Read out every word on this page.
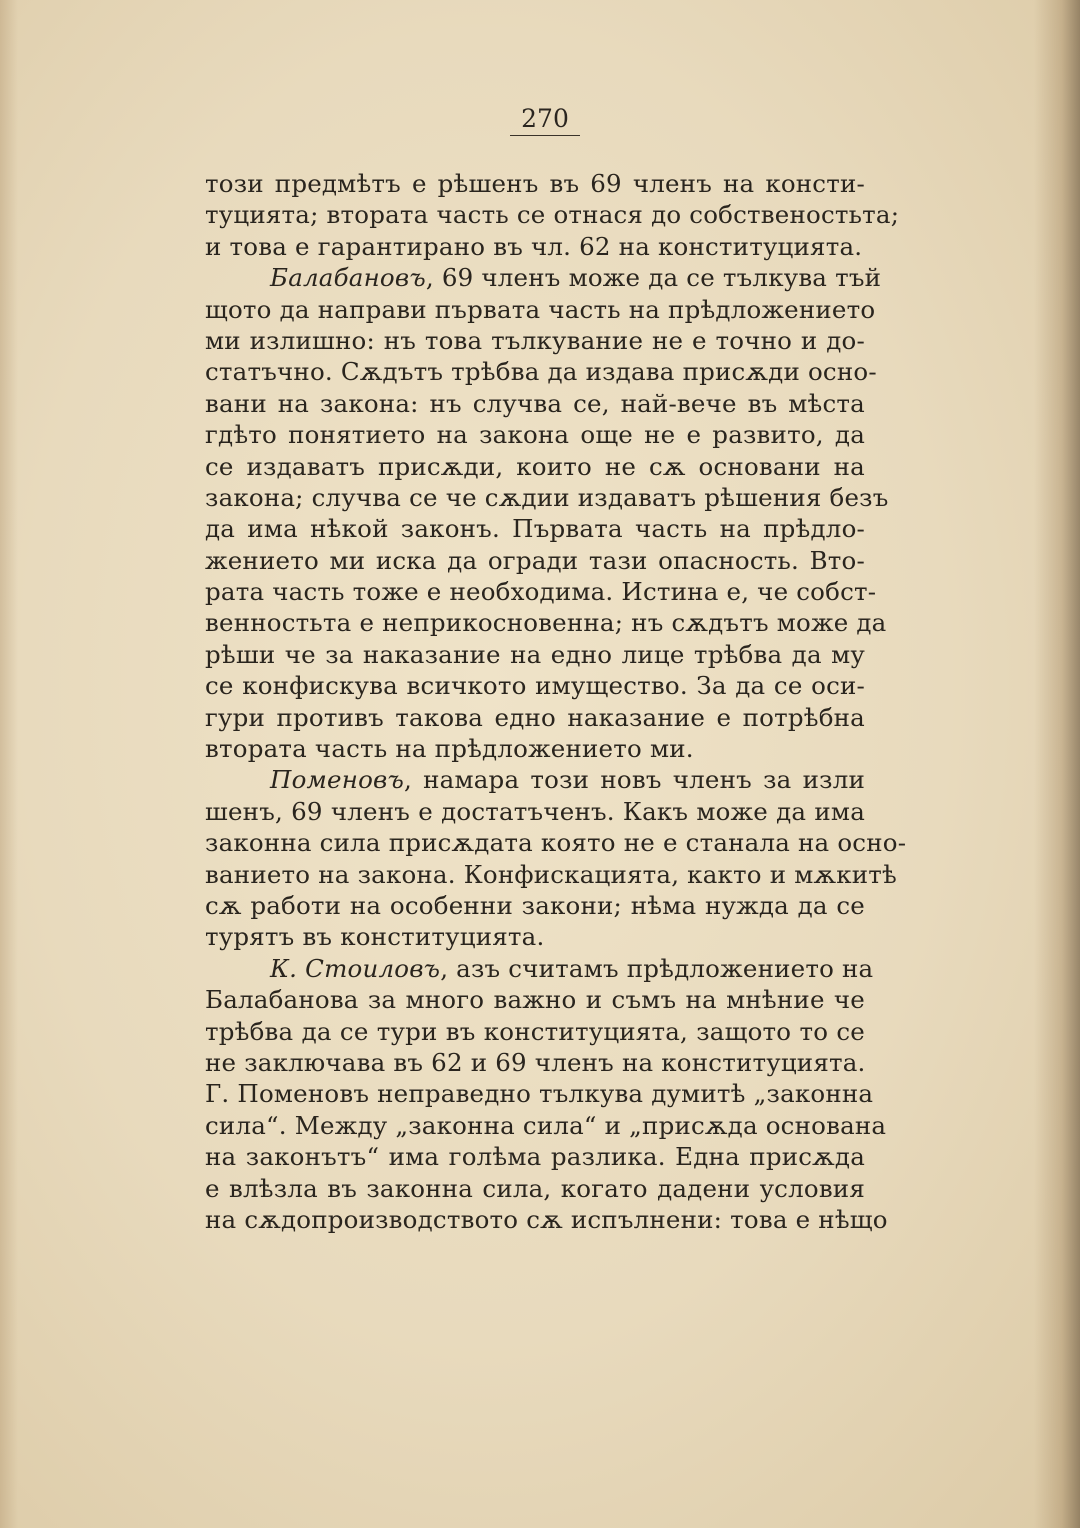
270
този предмѣтъ е рѣшенъ въ 69 членъ на консти-
туцията; втората часть се отнася до собственостьта;
и това е гарантирано въ чл. 62 на конституцията.
Балабановъ, 69 членъ може да се тълкува тъй
щото да направи първата часть на прѣдложението
ми излишно: нъ това тълкувание не е точно и до-
статъчно. Сѫдътъ трѣбва да издава присѫди осно-
вани на закона: нъ случва се, най-вече въ мѣста
гдѣто понятието на закона още не е развито, да
се издаватъ присѫди, които не сѫ основани на
закона; случва се че сѫдии издаватъ рѣшения безъ
да има нѣкой законъ. Първата часть на прѣдло-
жението ми иска да огради тази опасность. Вто-
рата часть тоже е необходима. Истина е, че собст-
венностьта е неприкосновенна; нъ сѫдътъ може да
рѣши че за наказание на едно лице трѣбва да му
се конфискува всичкото имущество. За да се оси-
гури противъ такова едно наказание е потрѣбна
втората часть на прѣдложението ми.
Поменовъ, намара този новъ членъ за изли
шенъ, 69 членъ е достатъченъ. Какъ може да има
законна сила присѫдата която не е станала на осно-
ванието на закона. Конфискацията, както и мѫкитѣ
сѫ работи на особенни закони; нѣма нужда да се
турятъ въ конституцията.
К. Стоиловъ, азъ считамъ прѣдложението на
Балабанова за много важно и съмъ на мнѣние че
трѣбва да се тури въ конституцията, защото то се
не заключава въ 62 и 69 членъ на конституцията.
Г. Поменовъ неправедно тълкува думитѣ „законна
сила“. Между „законна сила“ и „присѫда основана
на законътъ“ има голѣма разлика. Една присѫда
е влѣзла въ законна сила, когато дадени условия
на сѫдопроизводството сѫ испълнени: това е нѣщо
